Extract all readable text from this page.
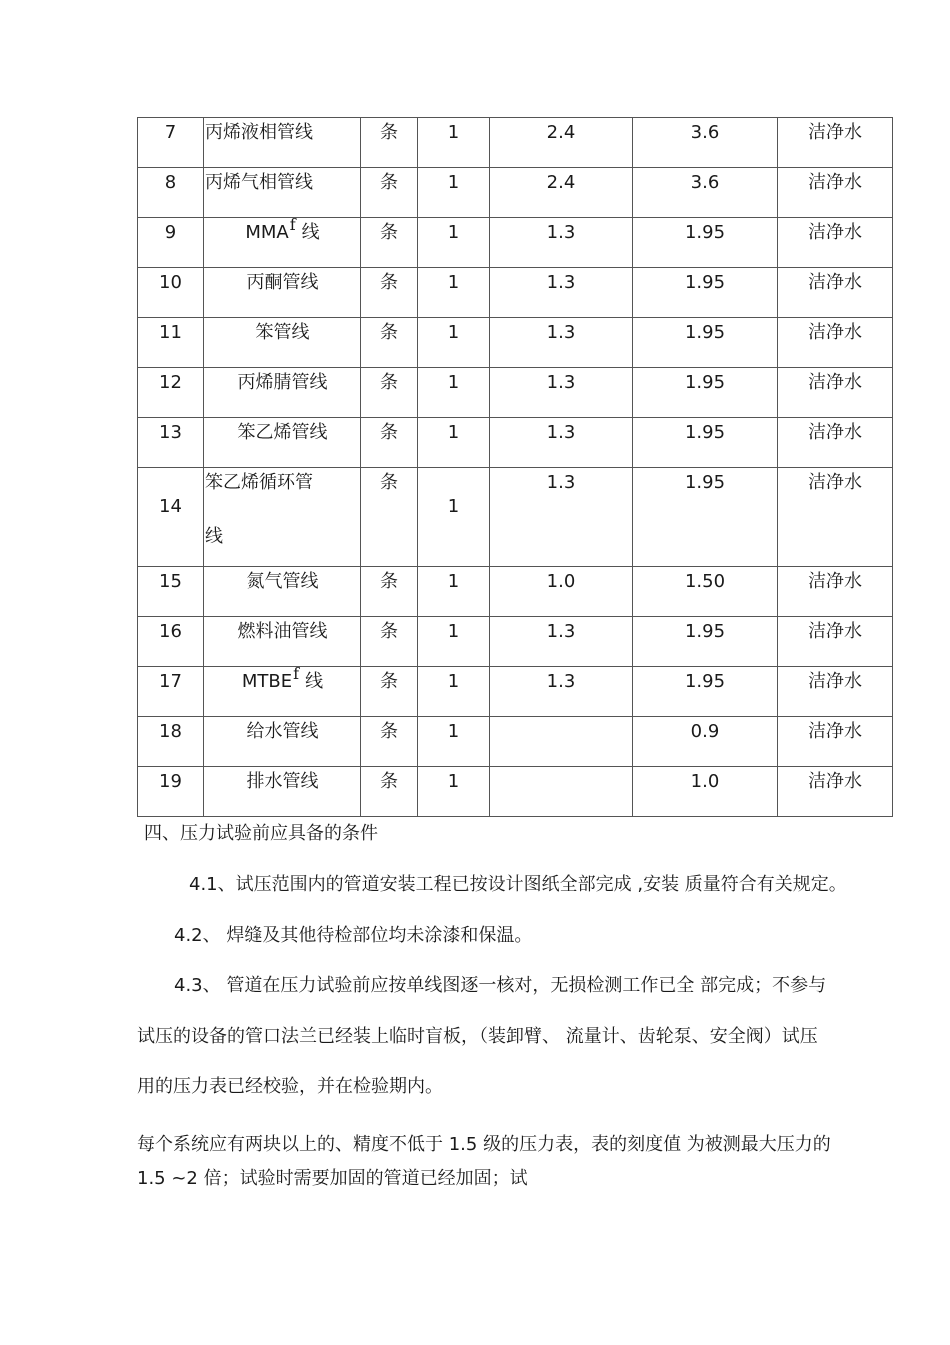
7	丙烯液相管线	条	1	2.4	3.6	洁净水

8	丙烯气相管线	条	1	2.4	3.6	洁净水

9	MMAf 线	条	1	1.3	1.95	洁净水

10	丙酮管线	条	1	1.3	1.95	洁净水

11	笨管线	条	1	1.3	1.95	洁净水

12	丙烯腈管线	条	1	1.3	1.95	洁净水

13	笨乙烯管线	条	1	1.3	1.95	洁净水

14	笨乙烯循环管
线	条	1	1.3	1.95	洁净水

15	氮气管线	条	1	1.0	1.50	洁净水

16	燃料油管线	条	1	1.3	1.95	洁净水

17	MTBEf 线	条	1	1.3	1.95	洁净水

18	给水管线	条	1		0.9	洁净水

19	排水管线	条	1		1.0	洁净水

四、压力试验前应具备的条件

4.1、试压范围内的管道安装工程已按设计图纸全部完成 ,安装 质量符合有关规定。

4.2、 焊缝及其他待检部位均未涂漆和保温。

4.3、 管道在压力试验前应按单线图逐一核对，无损检测工作已全 部完成；不参与

试压的设备的管口法兰已经装上临时盲板，（装卸臂、 流量计、齿轮泵、安全阀）试压

用的压力表已经校验，并在检验期内。

每个系统应有两块以上的、精度不低于 1.5 级的压力表，表的刻度值 为被测最大压力的

1.5 ~2 倍；试验时需要加固的管道已经加固；试
